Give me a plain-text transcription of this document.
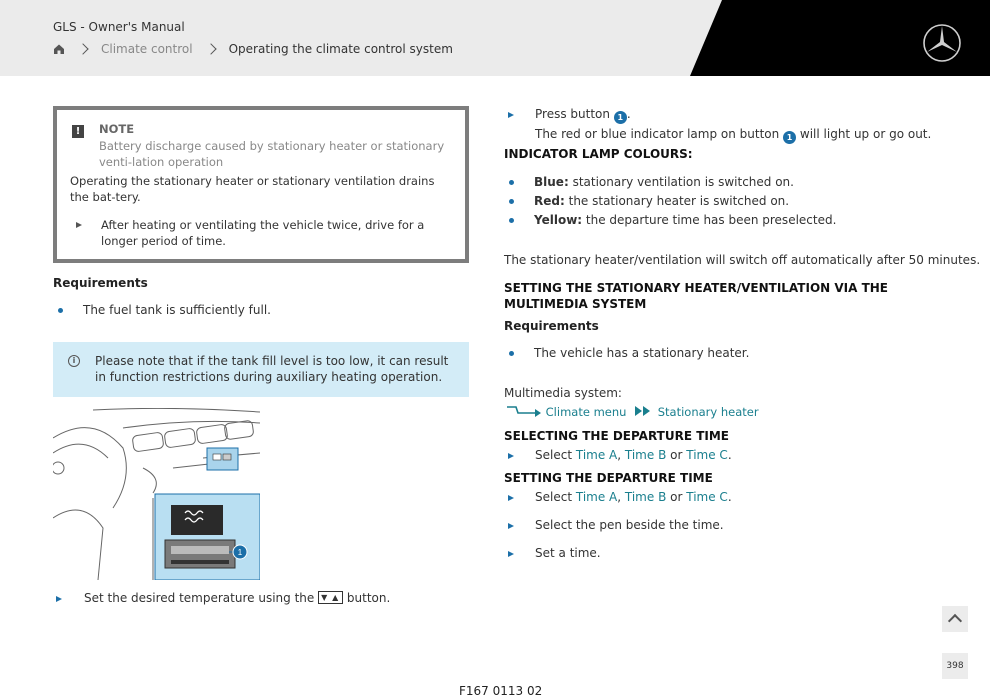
GLS - Owner's Manual
Climate control	Operating the climate control system
!	NOTE
Battery discharge caused by stationary heater or stationary venti-lation operation
Operating the stationary heater or stationary ventilation drains the bat-tery.
After heating or ventilating the vehicle twice, drive for a longer period of time.
Requirements
The fuel tank is sufficiently full.
i	Please note that if the tank fill level is too low, it can result in function restrictions during auxiliary heating operation.
1
Set the desired temperature using the ▼ ▲ button.
Press button 1 .
The red or blue indicator lamp on button 1 will light up or go out.
INDICATOR LAMP COLOURS:
Blue: stationary ventilation is switched on.
Red: the stationary heater is switched on.
Yellow: the departure time has been preselected.
The stationary heater/ventilation will switch off automatically after 50 minutes.
SETTING THE STATIONARY HEATER/VENTILATION VIA THE MULTIMEDIA SYSTEM
Requirements
The vehicle has a stationary heater.
Multimedia system:
Climate menu	Stationary heater
SELECTING THE DEPARTURE TIME
Select Time A, Time B or Time C.
SETTING THE DEPARTURE TIME
Select Time A, Time B or Time C.
Select the pen beside the time.
Set a time.
398
F167 0113 02
